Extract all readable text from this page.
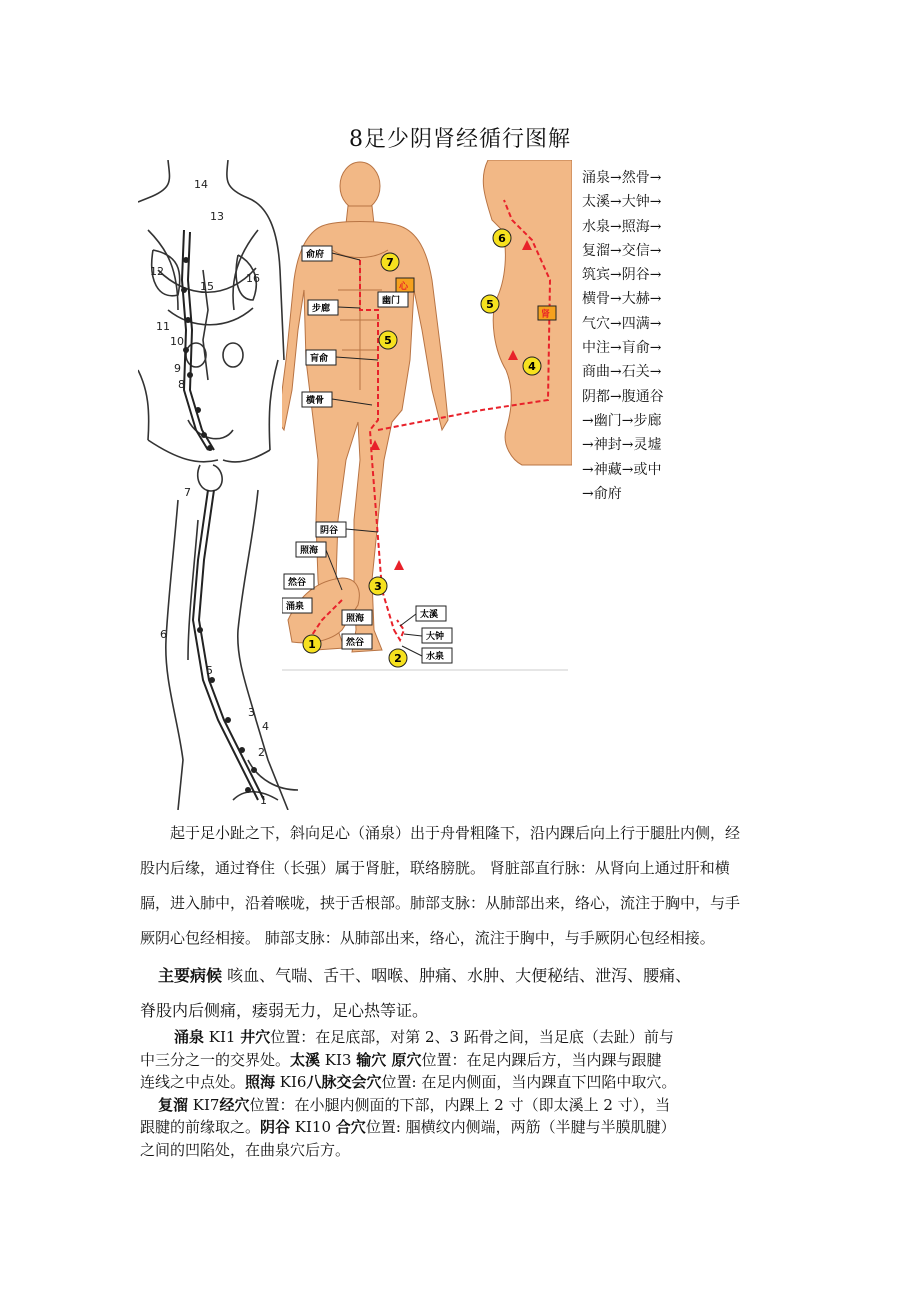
8足少阴肾经循行图解
14
13
12
11
10
9
8
7
6
5
4
3
2
1
15
16
俞府
步廊
幽门
肓俞
横骨
阴谷
照海
然谷
涌泉
照海	太溪
大钟
然谷
水泉
心
肾
7
5
3
1
2
6
5
4
涌泉→然骨→
太溪→大钟→
水泉→照海→
复溜→交信→
筑宾→阴谷→
横骨→大赫→
气穴→四满→
中注→肓俞→
商曲→石关→
阴都→腹通谷
→幽门→步廊
→神封→灵墟
→神藏→或中
→俞府
起于足小趾之下，斜向足心（涌泉）出于舟骨粗隆下，沿内踝后向上行于腿肚内侧，经
股内后缘，通过脊住（长强）属于肾脏，联络膀胱。 肾脏部直行脉：从肾向上通过肝和横
膈，进入肺中，沿着喉咙，挟于舌根部。肺部支脉：从肺部出来，络心，流注于胸中，与手
厥阴心包经相接。 肺部支脉：从肺部出来，络心，流注于胸中，与手厥阴心包经相接。
主要病候 咳血、气喘、舌干、咽喉、肿痛、水肿、大便秘结、泄泻、腰痛、
脊股内后侧痛，痿弱无力，足心热等证。
涌泉 KI1 井穴位置：在足底部，对第 2、3 跖骨之间，当足底（去趾）前与
中三分之一的交界处。太溪 KI3 输穴 原穴位置：在足内踝后方，当内踝与跟腱
连线之中点处。照海 KI6八脉交会穴位置: 在足内侧面，当内踝直下凹陷中取穴。
复溜 KI7经穴位置：在小腿内侧面的下部，内踝上 2 寸（即太溪上 2 寸），当
跟腱的前缘取之。阴谷 KI10 合穴位置: 腘横纹内侧端，两筋（半腱与半膜肌腱）
之间的凹陷处，在曲泉穴后方。
